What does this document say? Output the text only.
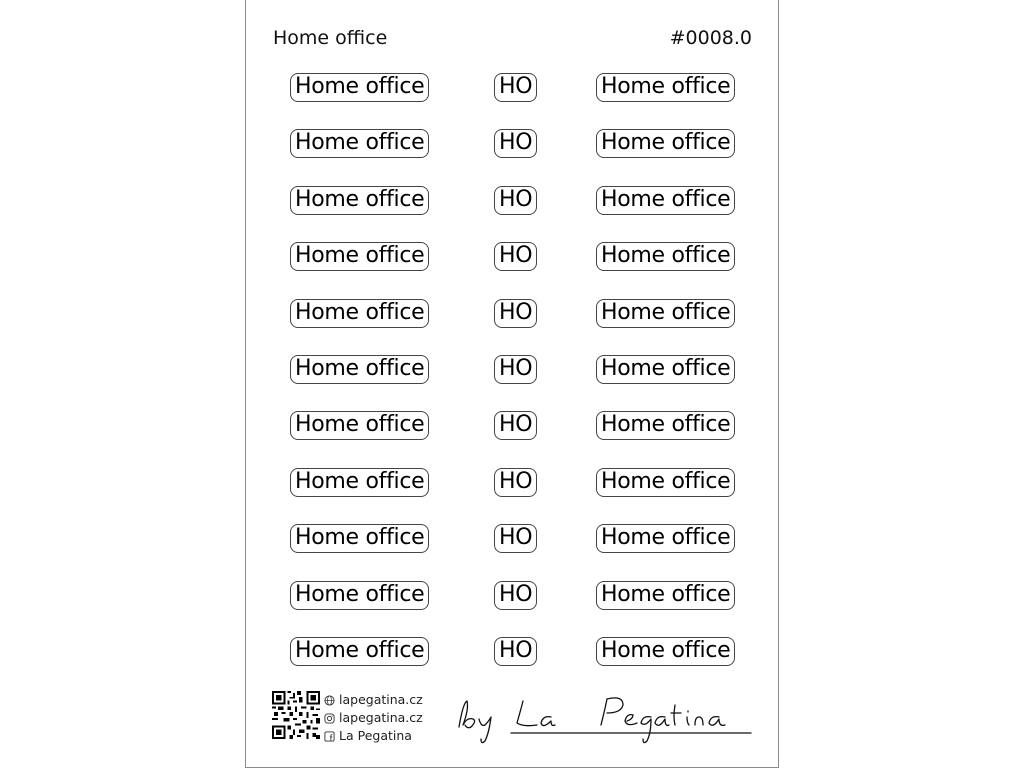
Home office	#0008.0
Home office
Home office
Home office
Home office
Home office
Home office
Home office
Home office
Home office
Home office
Home office
HO
HO
HO
HO
HO
HO
HO
HO
HO
HO
HO
Home office
Home office
Home office
Home office
Home office
Home office
Home office
Home office
Home office
Home office
Home office
lapegatina.cz
lapegatina.cz
La Pegatina
